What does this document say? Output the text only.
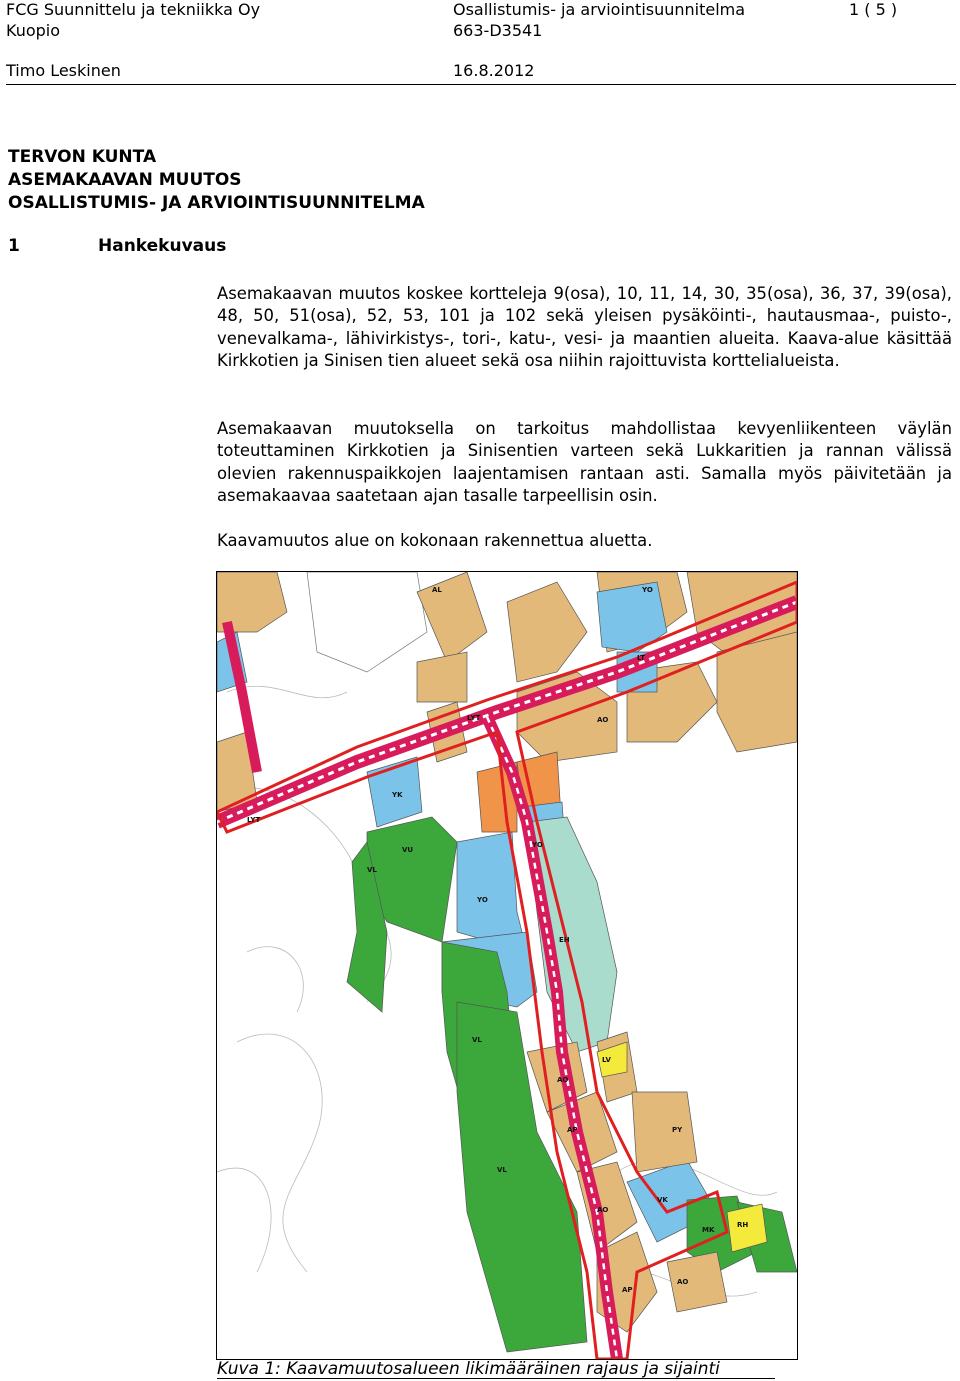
FCG Suunnittelu ja tekniikka Oy
Kuopio
Timo Leskinen
Osallistumis- ja arviointisuunnitelma
663-D3541
16.8.2012
1 ( 5 )
TERVON KUNTA
ASEMAKAAVAN MUUTOS
OSALLISTUMIS- JA ARVIOINTISUUNNITELMA
1	Hankekuvaus

Asemakaavan muutos koskee kortteleja 9(osa), 10, 11, 14, 30, 35(osa), 36, 37, 39(osa), 48, 50, 51(osa), 52, 53, 101 ja 102 sekä yleisen pysäköinti-, hautausmaa-, puisto-, venevalkama-, lähivirkistys-, tori-, katu-, vesi- ja maantien alueita. Kaava-alue käsittää Kirkkotien ja Sinisen tien alueet sekä osa niihin rajoittuvista korttelialueista.

Asemakaavan muutoksella on tarkoitus mahdollistaa kevyenliikenteen väylän toteuttaminen Kirkkotien ja Sinisentien varteen sekä Lukkaritien ja rannan välissä olevien rakennuspaikkojen laajentamisen rantaan asti. Samalla myös päivitetään ja asemakaavaa saatetaan ajan tasalle tarpeellisin osin.

Kaavamuutos alue on kokonaan rakennettua aluetta.

AL
LYT
LT
LYT
AO
YK
VU
YO
YO
EH
YO
VL
VL
VL
AO
AP
AO
LV
PY
VK
MK
RH
AO
AP
Kuva 1: Kaavamuutosalueen likimääräinen rajaus ja sijainti
